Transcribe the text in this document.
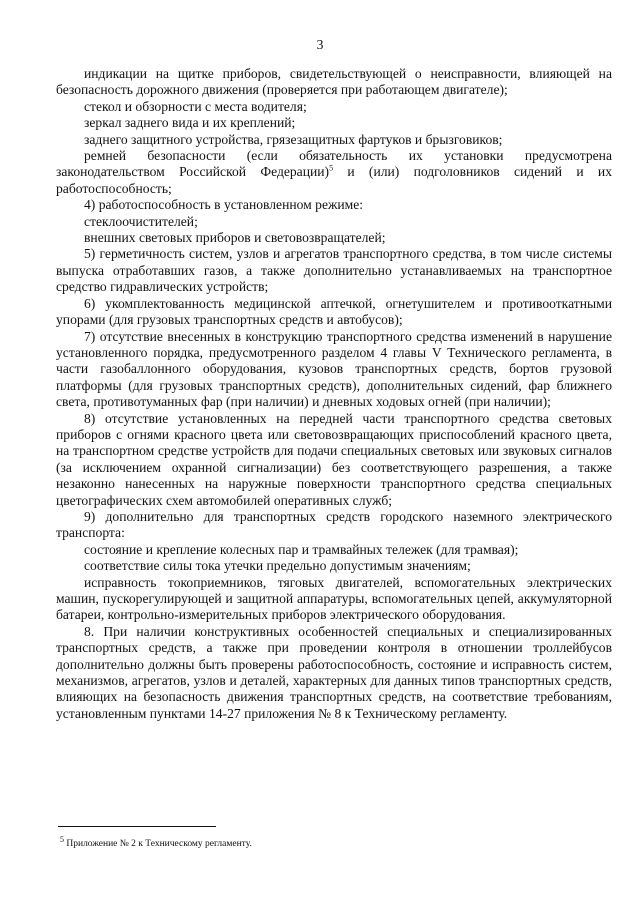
3

индикации на щитке приборов, свидетельствующей о неисправности, влияющей на безопасность дорожного движения (проверяется при работающем двигателе);

стекол и обзорности с места водителя;

зеркал заднего вида и их креплений;

заднего защитного устройства, грязезащитных фартуков и брызговиков;

ремней безопасности (если обязательность их установки предусмотрена законодательством Российской Федерации)$^5$ и (или) подголовников сидений и их работоспособность;

4) работоспособность в установленном режиме:

стеклоочистителей;

внешних световых приборов и световозвращателей;

5) герметичность систем, узлов и агрегатов транспортного средства, в том числе системы выпуска отработавших газов, а также дополнительно устанавливаемых на транспортное средство гидравлических устройств;

6) укомплектованность медицинской аптечкой, огнетушителем и противооткатными упорами (для грузовых транспортных средств и автобусов);

7) отсутствие внесенных в конструкцию транспортного средства изменений в нарушение установленного порядка, предусмотренного разделом 4 главы V Технического регламента, в части газобаллонного оборудования, кузовов транспортных средств, бортов грузовой платформы (для грузовых транспортных средств), дополнительных сидений, фар ближнего света, противотуманных фар (при наличии) и дневных ходовых огней (при наличии);

8) отсутствие установленных на передней части транспортного средства световых приборов с огнями красного цвета или световозвращающих приспособлений красного цвета, на транспортном средстве устройств для подачи специальных световых или звуковых сигналов (за исключением охранной сигнализации) без соответствующего разрешения, а также незаконно нанесенных на наружные поверхности транспортного средства специальных цветографических схем автомобилей оперативных служб;

9) дополнительно для транспортных средств городского наземного электрического транспорта:

состояние и крепление колесных пар и трамвайных тележек (для трамвая);

соответствие силы тока утечки предельно допустимым значениям;

исправность токоприемников, тяговых двигателей, вспомогательных электрических машин, пускорегулирующей и защитной аппаратуры, вспомогательных цепей, аккумуляторной батареи, контрольно-измерительных приборов электрического оборудования.

8. При наличии конструктивных особенностей специальных и специализированных транспортных средств, а также при проведении контроля в отношении троллейбусов дополнительно должны быть проверены работоспособность, состояние и исправность систем, механизмов, агрегатов, узлов и деталей, характерных для данных типов транспортных средств, влияющих на безопасность движения транспортных средств, на соответствие требованиям, установленным пунктами 14-27 приложения № 8 к Техническому регламенту.

$^5$ Приложение № 2 к Техническому регламенту.
